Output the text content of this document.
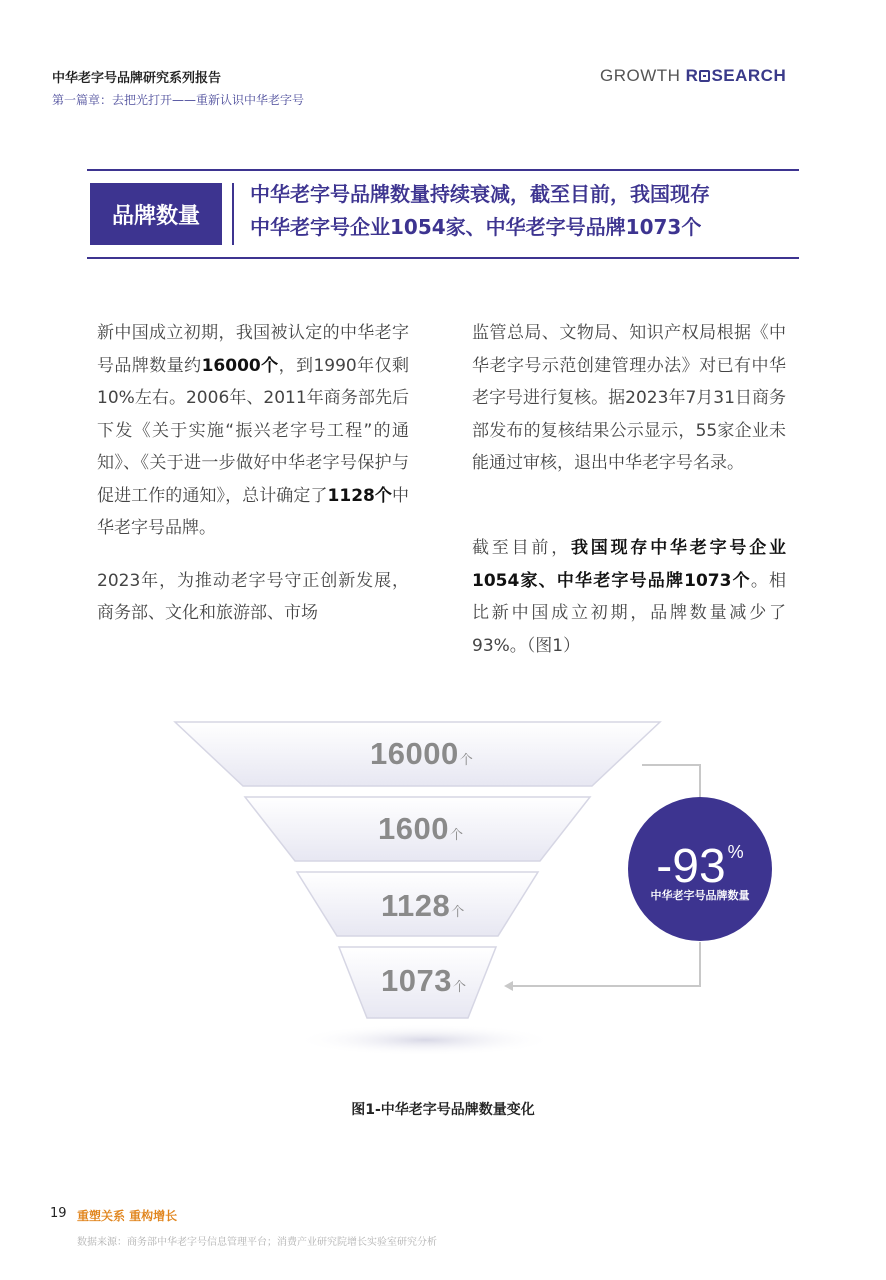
中华老字号品牌研究系列报告
第一篇章：去把光打开——重新认识中华老字号
GROWTH R SEARCH
品牌数量
中华老字号品牌数量持续衰减，截至目前，我国现存
中华老字号企业1054家、中华老字号品牌1073个

新中国成立初期，我国被认定的中华老字号品牌数量约16000个，到1990年仅剩10%左右。2006年、2011年商务部先后下发《关于实施“振兴老字号工程”的通知》、《关于进一步做好中华老字号保护与促进工作的通知》，总计确定了1128个中华老字号品牌。

2023年，为推动老字号守正创新发展，商务部、文化和旅游部、市场

监管总局、文物局、知识产权局根据《中华老字号示范创建管理办法》对已有中华老字号进行复核。据2023年7月31日商务部发布的复核结果公示显示，55家企业未能通过审核，退出中华老字号名录。

截至目前，我国现存中华老字号企业1054家、中华老字号品牌1073个。相比新中国成立初期，品牌数量减少了93%。（图1）

16000个
1600个
1128个
1073个
-93 %
中华老字号品牌数量
图1-中华老字号品牌数量变化
19 重塑关系 重构增长
数据来源：商务部中华老字号信息管理平台；消费产业研究院增长实验室研究分析
